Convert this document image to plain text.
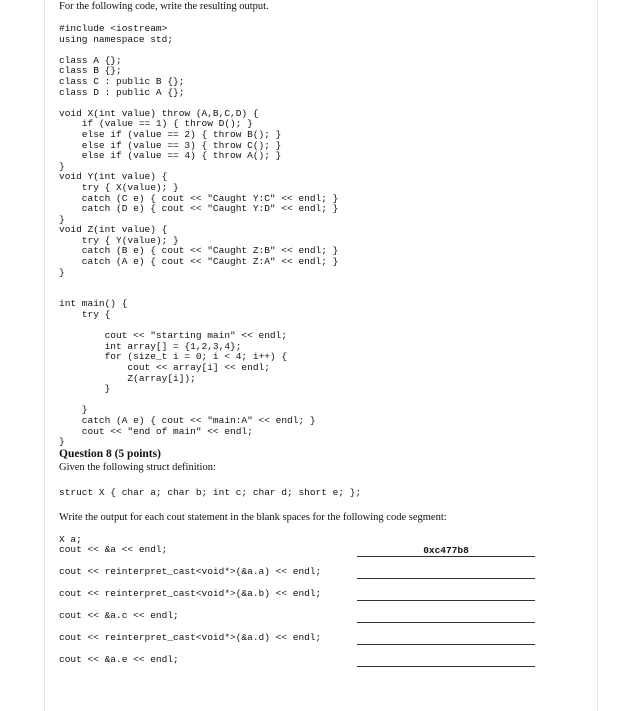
For the following code, write the resulting output.
#include <iostream>
using namespace std;

class A {};
class B {};
class C : public B {};
class D : public A {};

void X(int value) throw (A,B,C,D) {
if (value == 1) { throw D(); }
else if (value == 2) { throw B(); }
else if (value == 3) { throw C(); }
else if (value == 4) { throw A(); }
}
void Y(int value) {
try { X(value); }
catch (C e) { cout << "Caught Y:C" << endl; }
catch (D e) { cout << "Caught Y:D" << endl; }
}
void Z(int value) {
try { Y(value); }
catch (B e) { cout << "Caught Z:B" << endl; }
catch (A e) { cout << "Caught Z:A" << endl; }
}

int main() {
try {

cout << "starting main" << endl;
int array[] = {1,2,3,4};
for (size_t i = 0; i < 4; i++) {
cout << array[i] << endl;
Z(array[i]);
}

}
catch (A e) { cout << "main:A" << endl; }
cout << "end of main" << endl;
}

Question 8 (5 points)
Given the following struct definition:
struct X { char a; char b; int c; char d; short e; };
Write the output for each cout statement in the blank spaces for the following code segment:
X a;
cout << &a << endl;	0xc477b8
cout << reinterpret_cast<void*>(&a.a) << endl;
cout << reinterpret_cast<void*>(&a.b) << endl;
cout << &a.c << endl;
cout << reinterpret_cast<void*>(&a.d) << endl;
cout << &a.e << endl;
